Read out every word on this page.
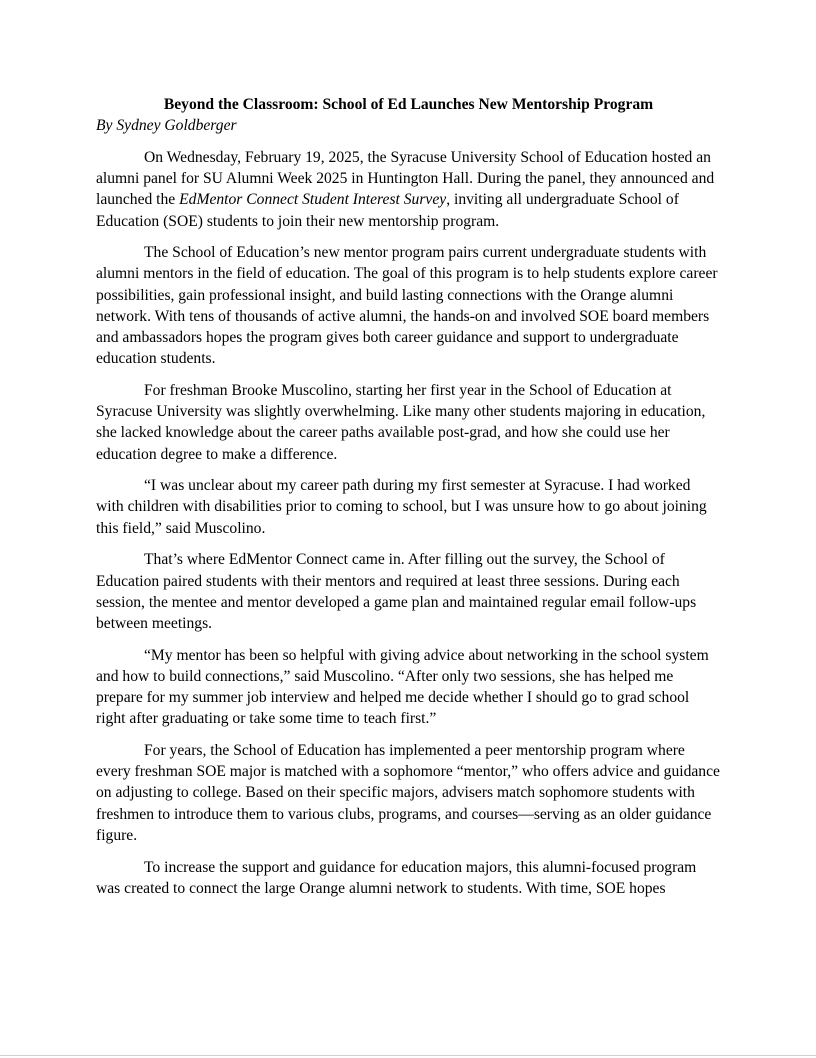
Beyond the Classroom: School of Ed Launches New Mentorship Program

By Sydney Goldberger

On Wednesday, February 19, 2025, the Syracuse University School of Education hosted an alumni panel for SU Alumni Week 2025 in Huntington Hall. During the panel, they announced and launched the EdMentor Connect Student Interest Survey, inviting all undergraduate School of Education (SOE) students to join their new mentorship program.

The School of Education’s new mentor program pairs current undergraduate students with alumni mentors in the field of education. The goal of this program is to help students explore career possibilities, gain professional insight, and build lasting connections with the Orange alumni network. With tens of thousands of active alumni, the hands-on and involved SOE board members and ambassadors hopes the program gives both career guidance and support to undergraduate education students.

For freshman Brooke Muscolino, starting her first year in the School of Education at Syracuse University was slightly overwhelming. Like many other students majoring in education, she lacked knowledge about the career paths available post-grad, and how she could use her education degree to make a difference.

“I was unclear about my career path during my first semester at Syracuse. I had worked with children with disabilities prior to coming to school, but I was unsure how to go about joining this field,” said Muscolino.

That’s where EdMentor Connect came in. After filling out the survey, the School of Education paired students with their mentors and required at least three sessions. During each session, the mentee and mentor developed a game plan and maintained regular email follow-ups between meetings.

“My mentor has been so helpful with giving advice about networking in the school system and how to build connections,” said Muscolino. “After only two sessions, she has helped me prepare for my summer job interview and helped me decide whether I should go to grad school right after graduating or take some time to teach first.”

For years, the School of Education has implemented a peer mentorship program where every freshman SOE major is matched with a sophomore “mentor,” who offers advice and guidance on adjusting to college. Based on their specific majors, advisers match sophomore students with freshmen to introduce them to various clubs, programs, and courses—serving as an older guidance figure.

To increase the support and guidance for education majors, this alumni-focused program was created to connect the large Orange alumni network to students. With time, SOE hopes
